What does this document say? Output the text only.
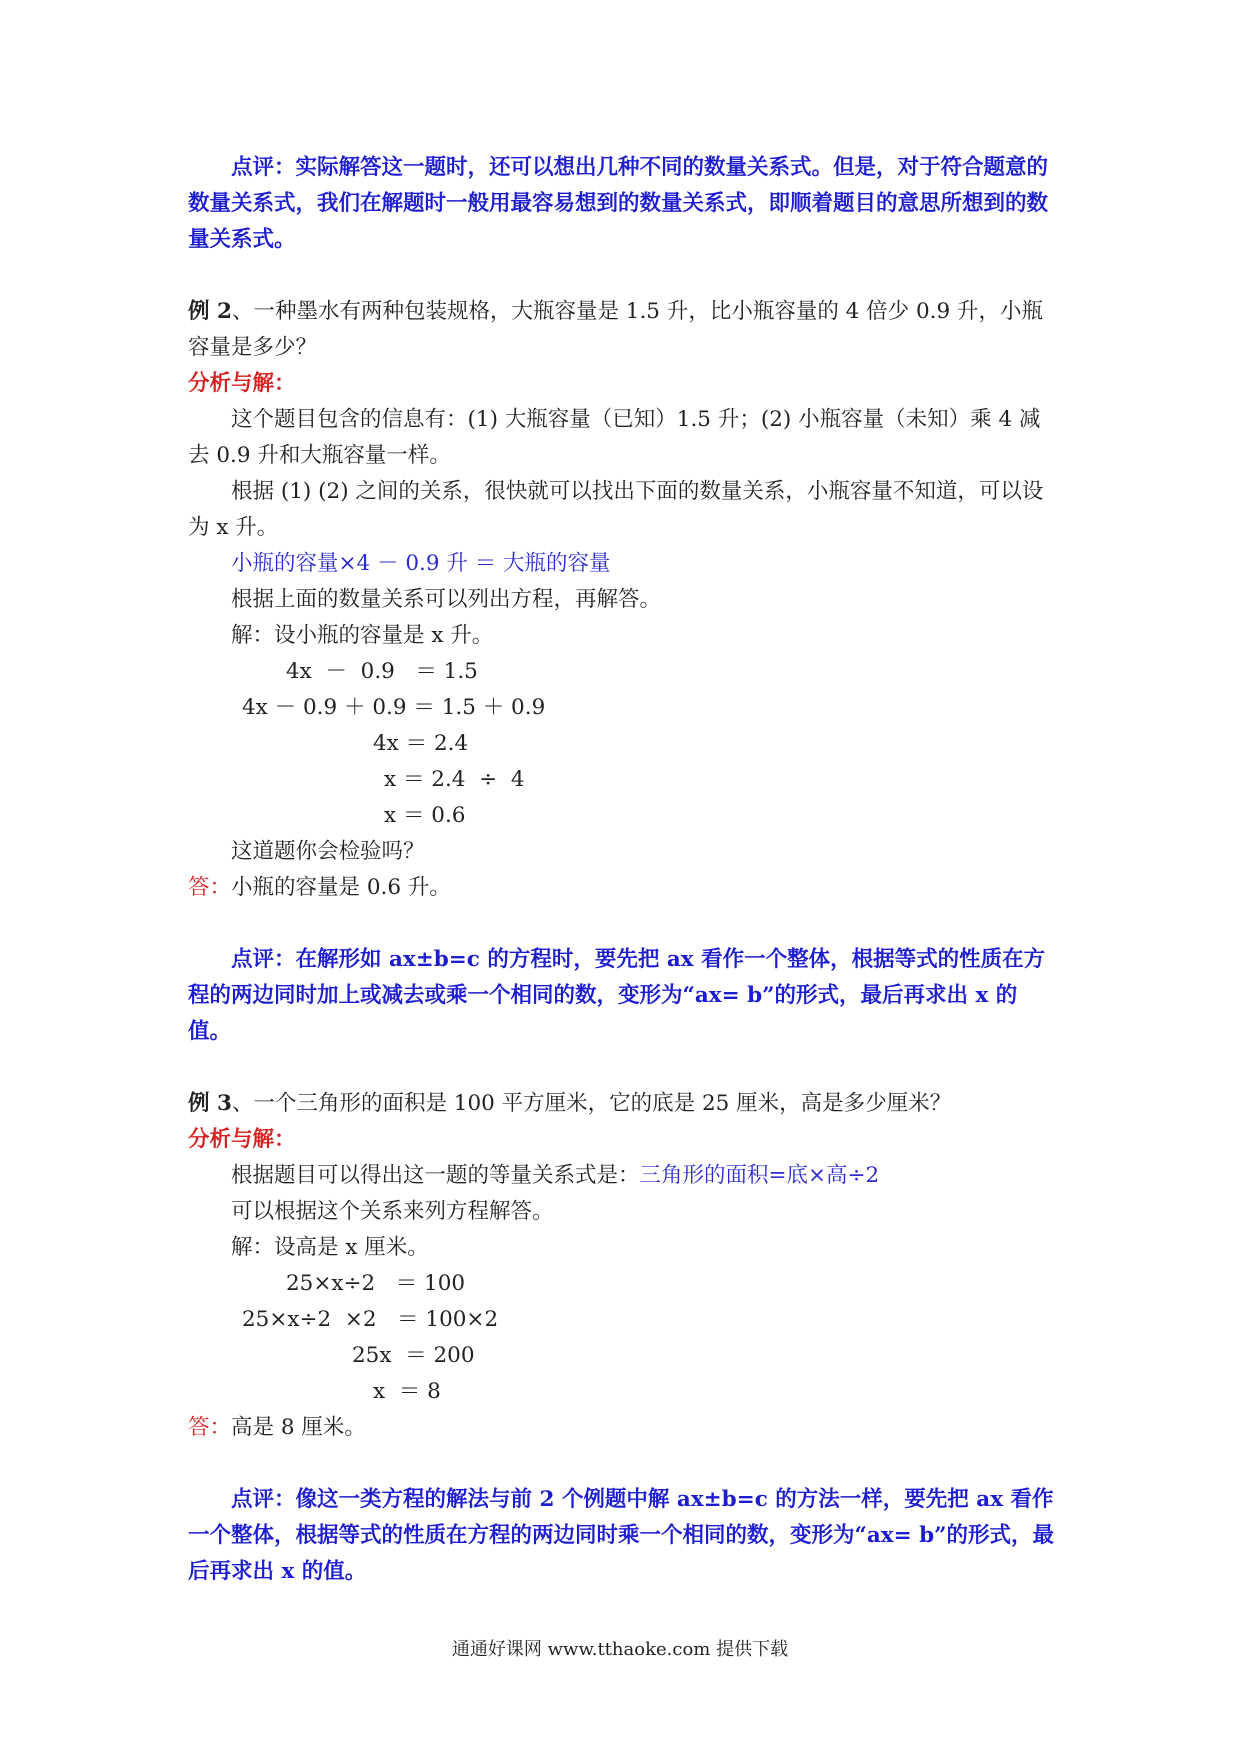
点评：实际解答这一题时，还可以想出几种不同的数量关系式。但是，对于符合题意的数量关系式，我们在解题时一般用最容易想到的数量关系式，即顺着题目的意思所想到的数量关系式。

例 2、一种墨水有两种包装规格，大瓶容量是 1.5 升，比小瓶容量的 4 倍少 0.9 升，小瓶容量是多少？

分析与解：

这个题目包含的信息有：(1) 大瓶容量（已知）1.5 升；(2) 小瓶容量（未知）乘 4 减去 0.9 升和大瓶容量一样。

根据 (1) (2) 之间的关系，很快就可以找出下面的数量关系，小瓶容量不知道，可以设为 x 升。

小瓶的容量×4 － 0.9 升 ＝ 大瓶的容量

根据上面的数量关系可以列出方程，再解答。

解：设小瓶的容量是 x 升。

4x  －  0.9   ＝ 1.5

4x － 0.9 ＋ 0.9 ＝ 1.5 ＋ 0.9

4x ＝ 2.4

x ＝ 2.4  ÷  4

x ＝ 0.6

这道题你会检验吗？

答：小瓶的容量是 0.6 升。

点评：在解形如 ax±b=c 的方程时，要先把 ax 看作一个整体，根据等式的性质在方程的两边同时加上或减去或乘一个相同的数，变形为“ax= b”的形式，最后再求出 x 的值。

例 3、一个三角形的面积是 100 平方厘米，它的底是 25 厘米，高是多少厘米？

分析与解：

根据题目可以得出这一题的等量关系式是：三角形的面积=底×高÷2

可以根据这个关系来列方程解答。

解：设高是 x 厘米。

25×x÷2   ＝ 100

25×x÷2  ×2   ＝ 100×2

25x  ＝ 200

x  ＝ 8

答：高是 8 厘米。

点评：像这一类方程的解法与前 2 个例题中解 ax±b=c 的方法一样，要先把 ax 看作一个整体，根据等式的性质在方程的两边同时乘一个相同的数，变形为“ax= b”的形式，最后再求出 x 的值。

通通好课网 www.tthaoke.com 提供下载
